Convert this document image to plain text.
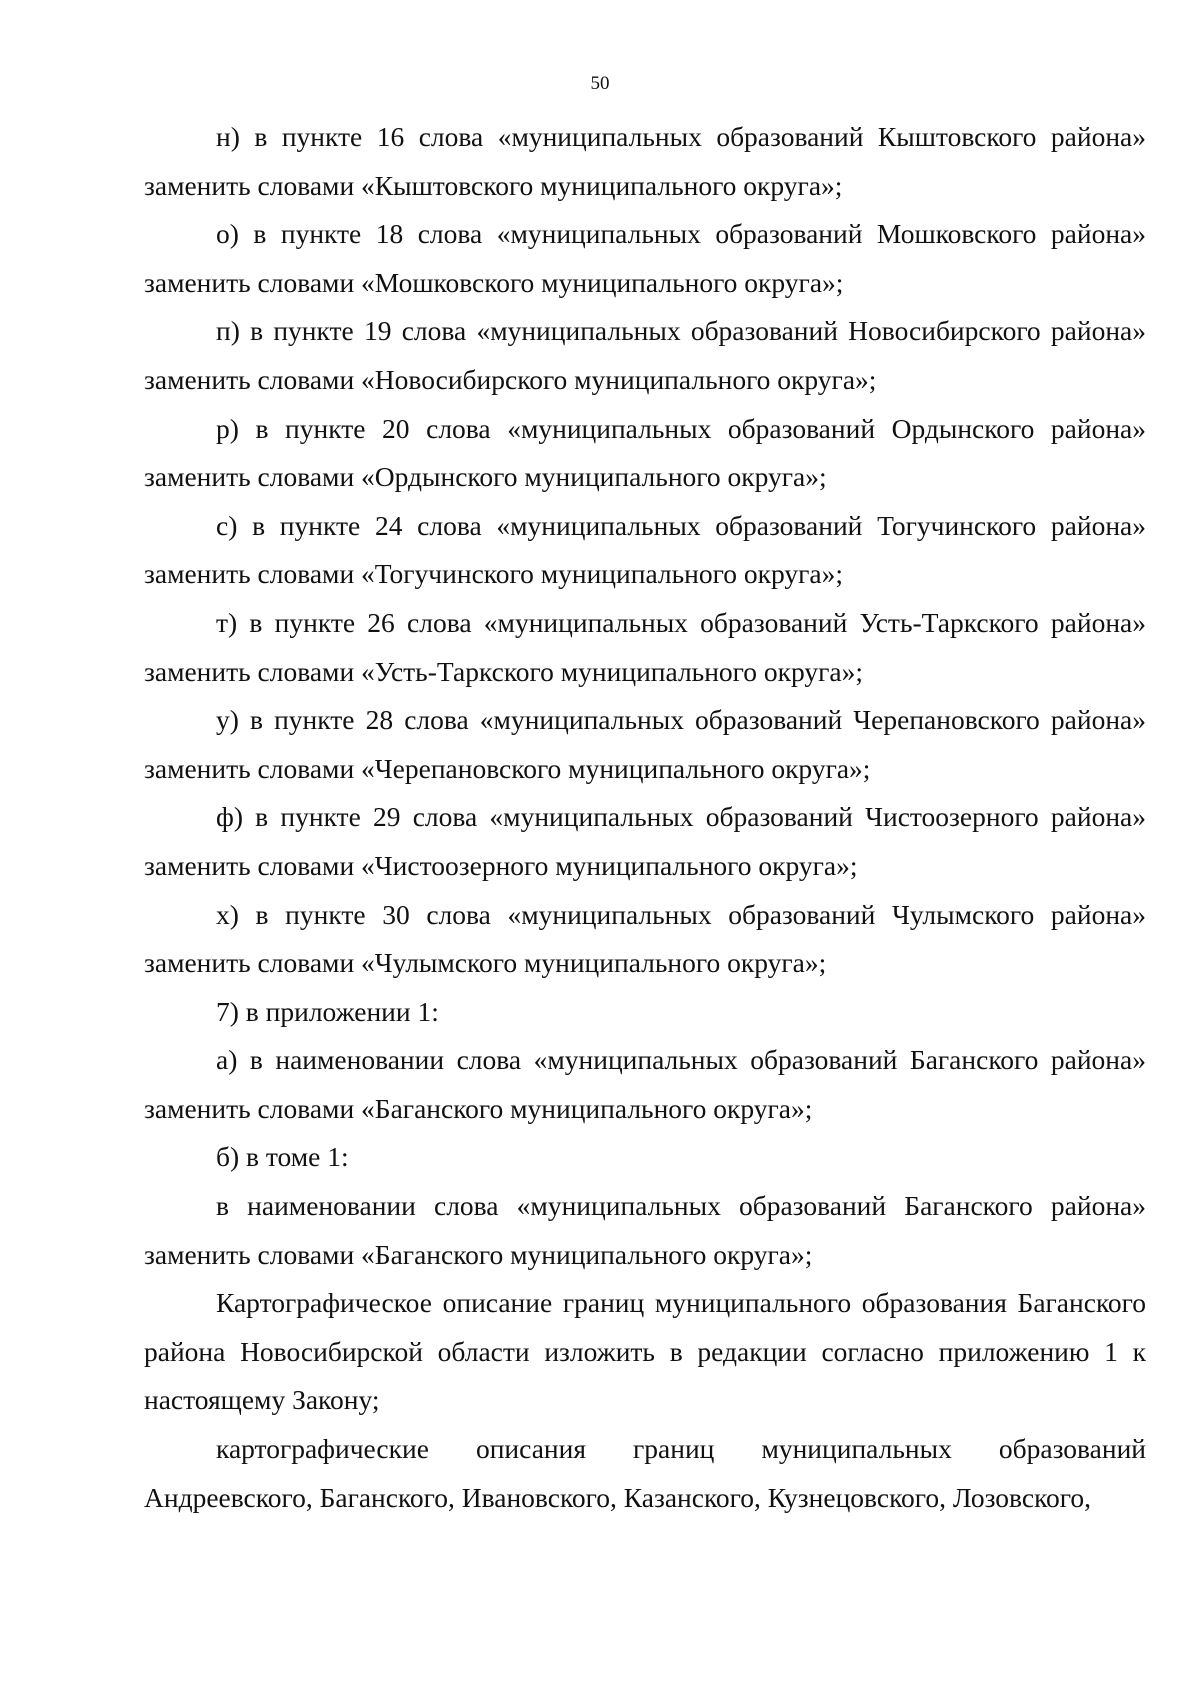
50

н) в пункте 16 слова «муниципальных образований Кыштовского района» заменить словами «Кыштовского муниципального округа»;

о) в пункте 18 слова «муниципальных образований Мошковского района» заменить словами «Мошковского муниципального округа»;

п) в пункте 19 слова «муниципальных образований Новосибирского района» заменить словами «Новосибирского муниципального округа»;

р) в пункте 20 слова «муниципальных образований Ордынского района» заменить словами «Ордынского муниципального округа»;

с) в пункте 24 слова «муниципальных образований Тогучинского района» заменить словами «Тогучинского муниципального округа»;

т) в пункте 26 слова «муниципальных образований Усть-Таркского района» заменить словами «Усть-Таркского муниципального округа»;

у) в пункте 28 слова «муниципальных образований Черепановского района» заменить словами «Черепановского муниципального округа»;

ф) в пункте 29 слова «муниципальных образований Чистоозерного района» заменить словами «Чистоозерного муниципального округа»;

х) в пункте 30 слова «муниципальных образований Чулымского района» заменить словами «Чулымского муниципального округа»;

7) в приложении 1:

а) в наименовании слова «муниципальных образований Баганского района» заменить словами «Баганского муниципального округа»;

б) в томе 1:

в наименовании слова «муниципальных образований Баганского района» заменить словами «Баганского муниципального округа»;

Картографическое описание границ муниципального образования Баганского района Новосибирской области изложить в редакции согласно приложению 1 к настоящему Закону;

картографические описания границ муниципальных образований Андреевского, Баганского, Ивановского, Казанского, Кузнецовского, Лозовского,
